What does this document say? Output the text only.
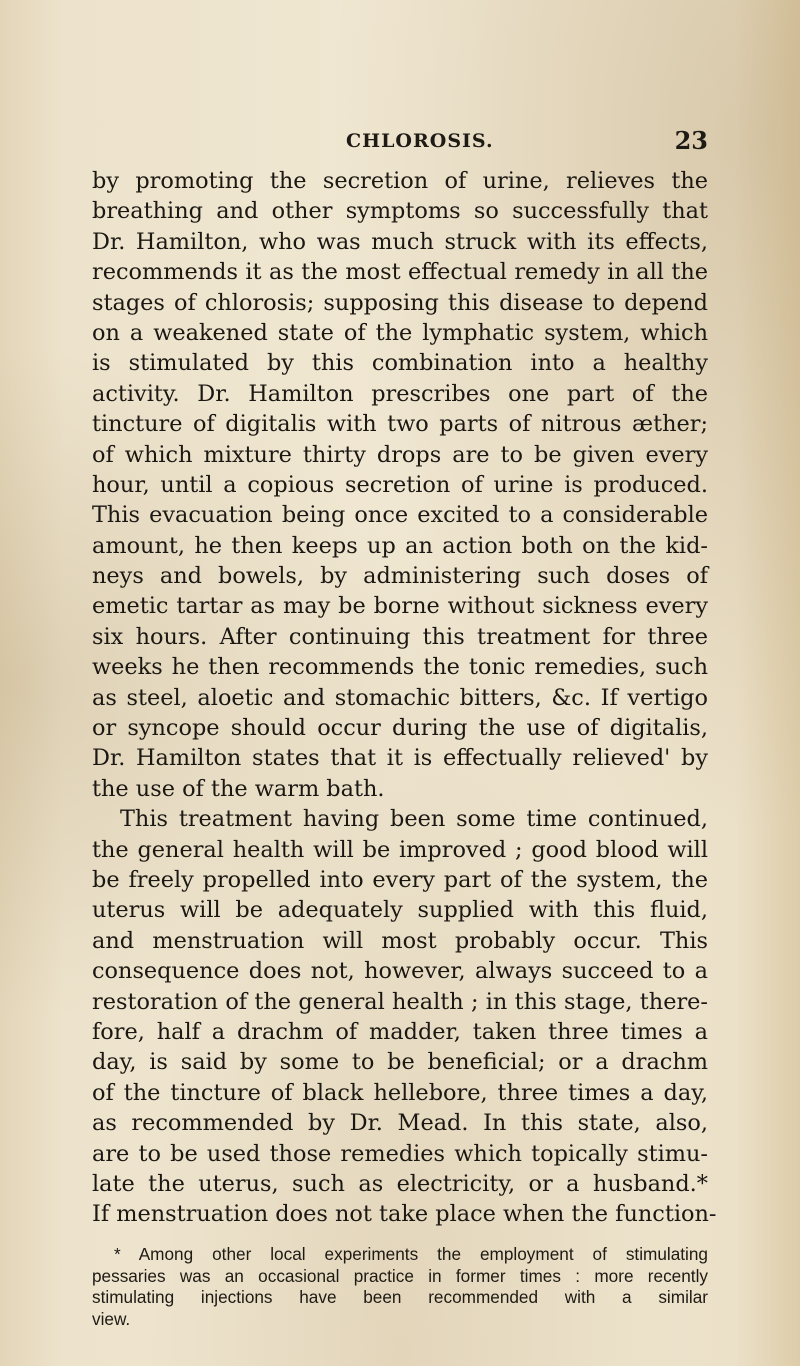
CHLOROSIS.	23
by promoting the secretion of urine, relieves the
breathing and other symptoms so successfully that
Dr. Hamilton, who was much struck with its effects,
recommends it as the most effectual remedy in all the
stages of chlorosis; supposing this disease to depend
on a weakened state of the lymphatic system, which
is stimulated by this combination into a healthy
activity. Dr. Hamilton prescribes one part of the
tincture of digitalis with two parts of nitrous æther;
of which mixture thirty drops are to be given every
hour, until a copious secretion of urine is produced.
This evacuation being once excited to a considerable
amount, he then keeps up an action both on the kid-
neys and bowels, by administering such doses of
emetic tartar as may be borne without sickness every
six hours. After continuing this treatment for three
weeks he then recommends the tonic remedies, such
as steel, aloetic and stomachic bitters, &c. If vertigo
or syncope should occur during the use of digitalis,
Dr. Hamilton states that it is effectually relieved' by
the use of the warm bath.
This treatment having been some time continued,
the general health will be improved ; good blood will
be freely propelled into every part of the system, the
uterus will be adequately supplied with this fluid,
and menstruation will most probably occur. This
consequence does not, however, always succeed to a
restoration of the general health ; in this stage, there-
fore, half a drachm of madder, taken three times a
day, is said by some to be beneficial; or a drachm
of the tincture of black hellebore, three times a day,
as recommended by Dr. Mead. In this state, also,
are to be used those remedies which topically stimu-
late the uterus, such as electricity, or a husband.*
If menstruation does not take place when the function-
* Among other local experiments the employment of stimulating
pessaries was an occasional practice in former times : more recently
stimulating injections have been recommended with a similar
view.
